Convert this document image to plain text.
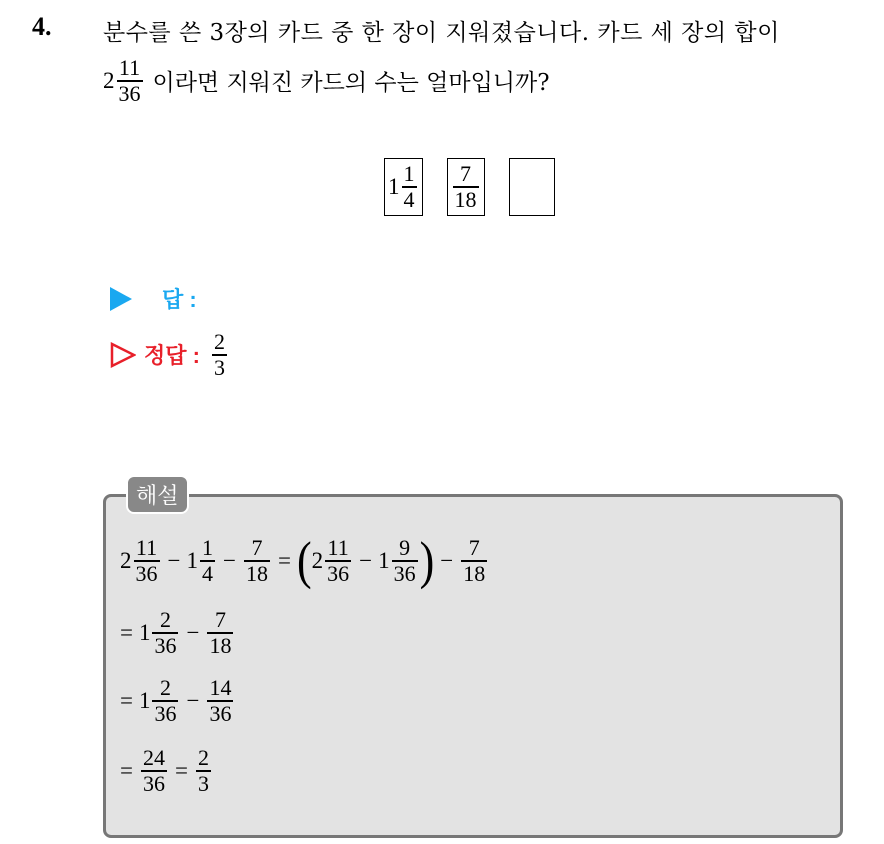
4. 분수를 쓴 3장의 카드 중 한 장이 지워졌습니다. 카드 세 장의 합이
$2 \frac{11}{36}$ 이라면 지워진 카드의 수는 얼마입니까?
$1 \frac{1}{4} \frac{7}{18}$
답 :
정답 : $\frac{2}{3}$
해설
$2 \frac{11}{36} - 1 \frac{1}{4} - \frac{7}{18}$ = ( $2 \frac{11}{36} - 1 \frac{9}{36}$ ) − $\frac{7}{18}$
= $1 \frac{2}{36} - \frac{7}{18}$
= $1 \frac{2}{36} - \frac{14}{36}$
= $\frac{24}{36} = \frac{2}{3}$
